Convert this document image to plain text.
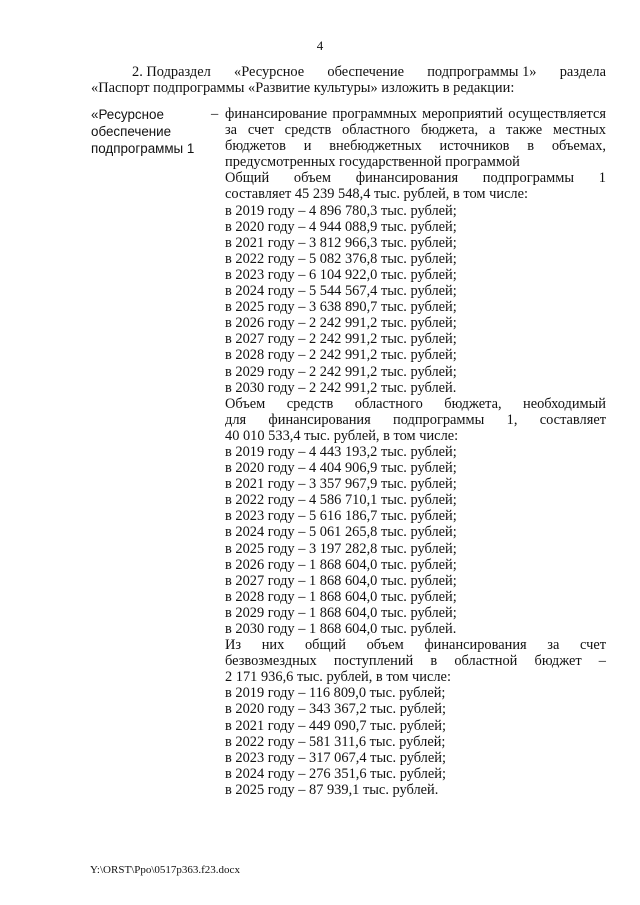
4
2. Подраздел «Ресурсное обеспечение подпрограммы 1» раздела
«Паспорт подпрограммы «Развитие культуры» изложить в редакции:
«Ресурсное
обеспечение
подпрограммы 1
– финансирование программных мероприятий осуществляется
за счет средств областного бюджета, а также местных
бюджетов и внебюджетных источников в объемах,
предусмотренных государственной программой
Общий объем финансирования подпрограммы 1
составляет 45 239 548,4 тыс. рублей, в том числе:
в 2019 году – 4 896 780,3 тыс. рублей;
в 2020 году – 4 944 088,9 тыс. рублей;
в 2021 году – 3 812 966,3 тыс. рублей;
в 2022 году – 5 082 376,8 тыс. рублей;
в 2023 году – 6 104 922,0 тыс. рублей;
в 2024 году – 5 544 567,4 тыс. рублей;
в 2025 году – 3 638 890,7 тыс. рублей;
в 2026 году – 2 242 991,2 тыс. рублей;
в 2027 году – 2 242 991,2 тыс. рублей;
в 2028 году – 2 242 991,2 тыс. рублей;
в 2029 году – 2 242 991,2 тыс. рублей;
в 2030 году – 2 242 991,2 тыс. рублей.
Объем средств областного бюджета, необходимый
для финансирования подпрограммы 1, составляет
40 010 533,4 тыс. рублей, в том числе:
в 2019 году – 4 443 193,2 тыс. рублей;
в 2020 году – 4 404 906,9 тыс. рублей;
в 2021 году – 3 357 967,9 тыс. рублей;
в 2022 году – 4 586 710,1 тыс. рублей;
в 2023 году – 5 616 186,7 тыс. рублей;
в 2024 году – 5 061 265,8 тыс. рублей;
в 2025 году – 3 197 282,8 тыс. рублей;
в 2026 году – 1 868 604,0 тыс. рублей;
в 2027 году – 1 868 604,0 тыс. рублей;
в 2028 году – 1 868 604,0 тыс. рублей;
в 2029 году – 1 868 604,0 тыс. рублей;
в 2030 году – 1 868 604,0 тыс. рублей.
Из них общий объем финансирования за счет
безвозмездных поступлений в областной бюджет –
2 171 936,6 тыс. рублей, в том числе:
в 2019 году – 116 809,0 тыс. рублей;
в 2020 году – 343 367,2 тыс. рублей;
в 2021 году – 449 090,7 тыс. рублей;
в 2022 году – 581 311,6 тыс. рублей;
в 2023 году – 317 067,4 тыс. рублей;
в 2024 году – 276 351,6 тыс. рублей;
в 2025 году – 87 939,1 тыс. рублей.
Y:\ORST\Ppo\0517p363.f23.docx
